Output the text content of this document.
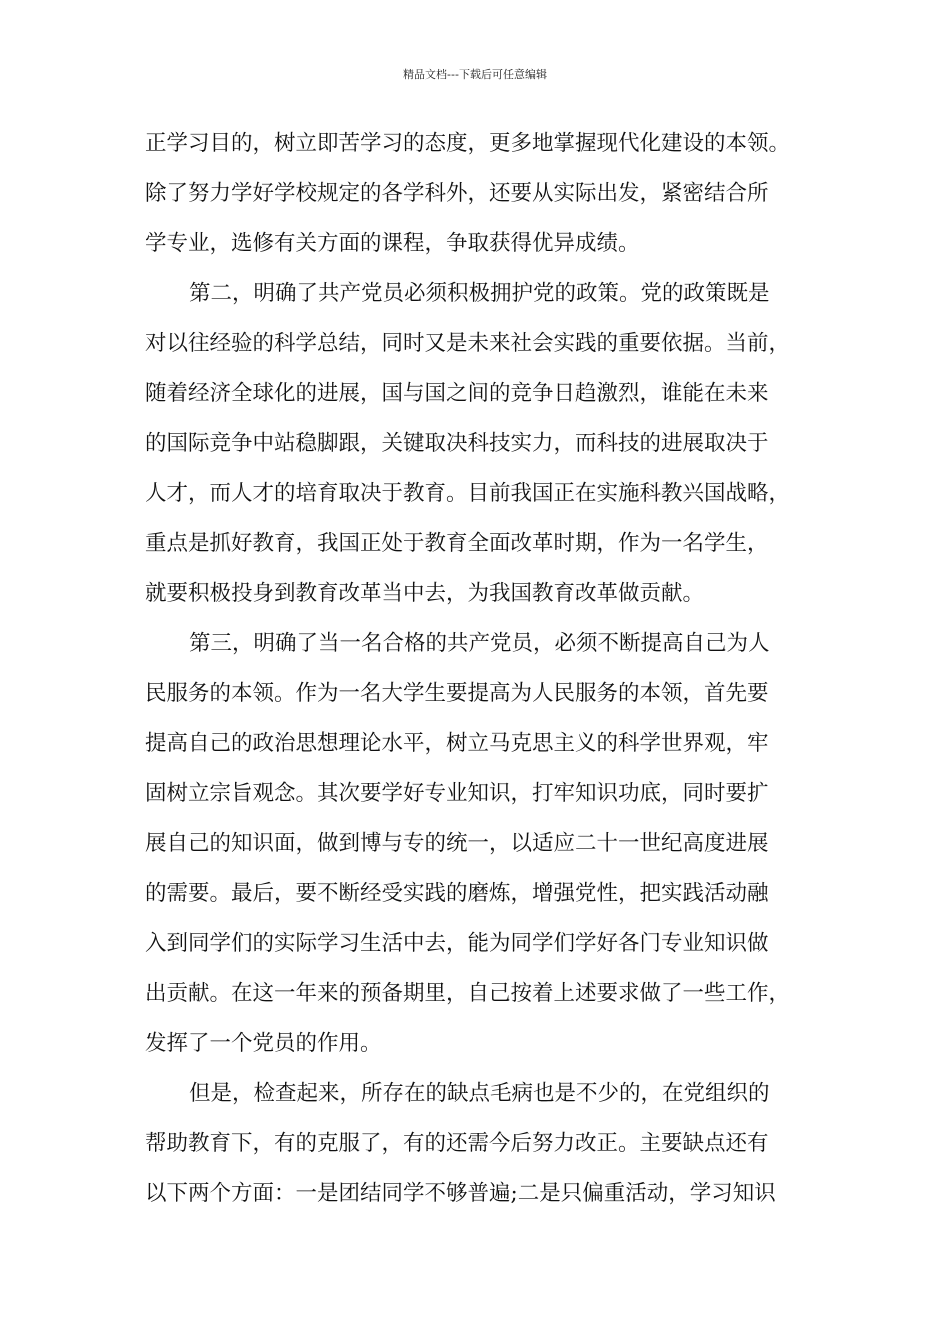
精品文档---下载后可任意编辑
正学习目的，树立即苦学习的态度，更多地掌握现代化建设的本领。
除了努力学好学校规定的各学科外，还要从实际出发，紧密结合所
学专业，选修有关方面的课程，争取获得优异成绩。
第二，明确了共产党员必须积极拥护党的政策。党的政策既是
对以往经验的科学总结，同时又是未来社会实践的重要依据。当前，
随着经济全球化的进展，国与国之间的竞争日趋激烈，谁能在未来
的国际竞争中站稳脚跟，关键取决科技实力，而科技的进展取决于
人才，而人才的培育取决于教育。目前我国正在实施科教兴国战略，
重点是抓好教育，我国正处于教育全面改革时期，作为一名学生，
就要积极投身到教育改革当中去，为我国教育改革做贡献。
第三，明确了当一名合格的共产党员，必须不断提高自己为人
民服务的本领。作为一名大学生要提高为人民服务的本领，首先要
提高自己的政治思想理论水平，树立马克思主义的科学世界观，牢
固树立宗旨观念。其次要学好专业知识，打牢知识功底，同时要扩
展自己的知识面，做到博与专的统一，以适应二十一世纪高度进展
的需要。最后，要不断经受实践的磨炼，增强党性，把实践活动融
入到同学们的实际学习生活中去，能为同学们学好各门专业知识做
出贡献。在这一年来的预备期里，自己按着上述要求做了一些工作，
发挥了一个党员的作用。
但是，检查起来，所存在的缺点毛病也是不少的，在党组织的
帮助教育下，有的克服了，有的还需今后努力改正。主要缺点还有
以下两个方面：一是团结同学不够普遍;二是只偏重活动，学习知识
